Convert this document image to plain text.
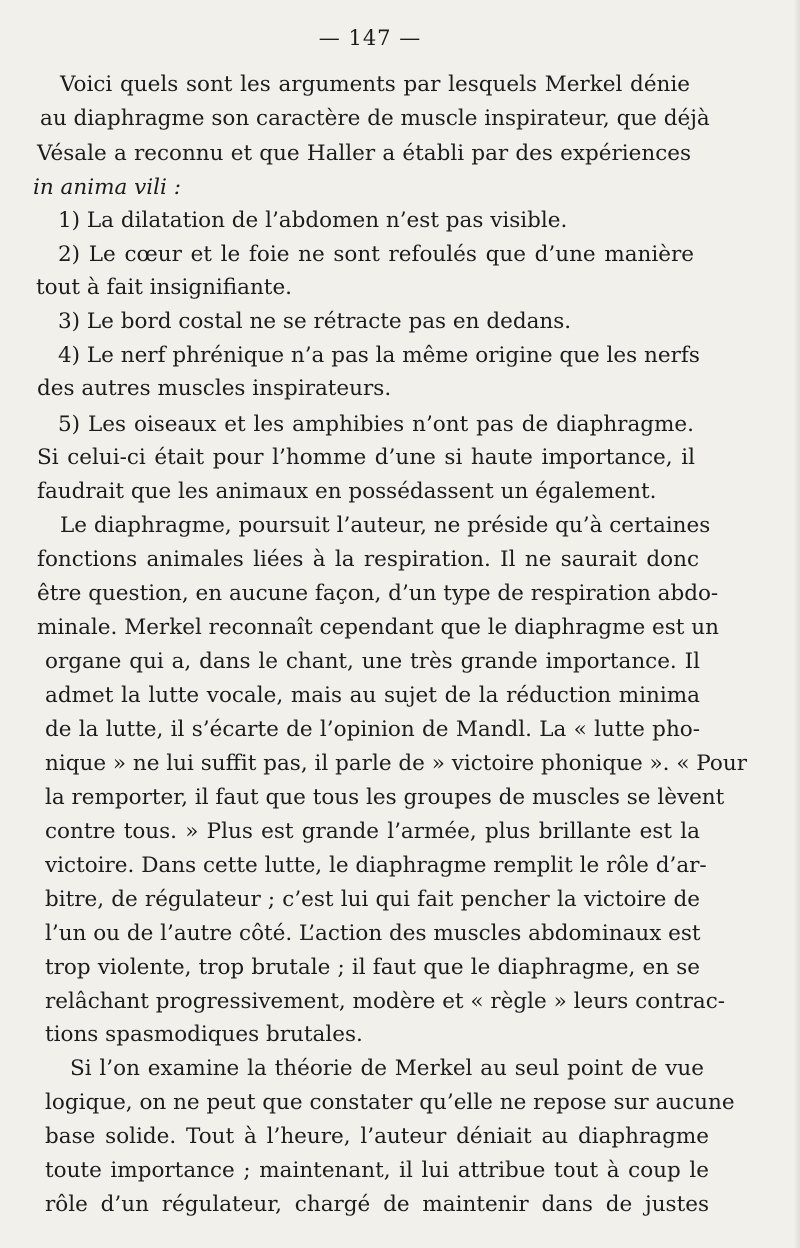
— 147 —
Voici quels sont les arguments par lesquels Merkel dénie
au diaphragme son caractère de muscle inspirateur, que déjà
Vésale a reconnu et que Haller a établi par des expériences
in anima vili :
1) La dilatation de l’abdomen n’est pas visible.
2) Le cœur et le foie ne sont refoulés que d’une manière
tout à fait insignifiante.
3) Le bord costal ne se rétracte pas en dedans.
4) Le nerf phrénique n’a pas la même origine que les nerfs
des autres muscles inspirateurs.
5) Les oiseaux et les amphibies n’ont pas de diaphragme.
Si celui-ci était pour l’homme d’une si haute importance, il
faudrait que les animaux en possédassent un également.
Le diaphragme, poursuit l’auteur, ne préside qu’à certaines
fonctions animales liées à la respiration. Il ne saurait donc
être question, en aucune façon, d’un type de respiration abdo-
minale. Merkel reconnaît cependant que le diaphragme est un
organe qui a, dans le chant, une très grande importance. Il
admet la lutte vocale, mais au sujet de la réduction minima
de la lutte, il s’écarte de l’opinion de Mandl. La « lutte pho-
nique » ne lui suffit pas, il parle de » victoire phonique ». « Pour
la remporter, il faut que tous les groupes de muscles se lèvent
contre tous. » Plus est grande l’armée, plus brillante est la
victoire. Dans cette lutte, le diaphragme remplit le rôle d’ar-
bitre, de régulateur ; c’est lui qui fait pencher la victoire de
l’un ou de l’autre côté. L’action des muscles abdominaux est
trop violente, trop brutale ; il faut que le diaphragme, en se
relâchant progressivement, modère et « règle » leurs contrac-
tions spasmodiques brutales.
Si l’on examine la théorie de Merkel au seul point de vue
logique, on ne peut que constater qu’elle ne repose sur aucune
base solide. Tout à l’heure, l’auteur déniait au diaphragme
toute importance ; maintenant, il lui attribue tout à coup le
rôle d’un régulateur, chargé de maintenir dans de justes
